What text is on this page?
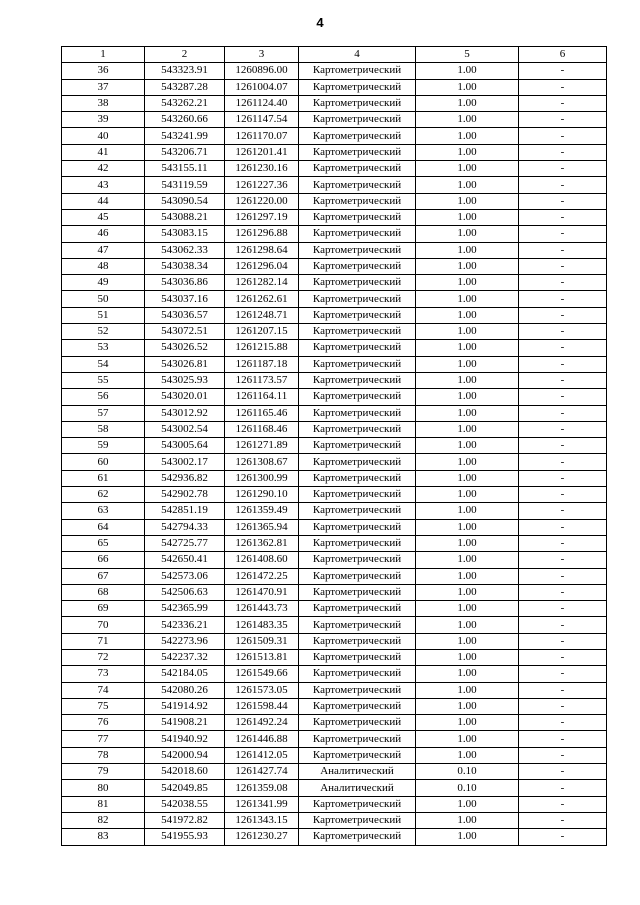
4
1	2	3	4	5	6
36	543323.91	1260896.00	Картометрический	1.00	-
37	543287.28	1261004.07	Картометрический	1.00	-
38	543262.21	1261124.40	Картометрический	1.00	-
39	543260.66	1261147.54	Картометрический	1.00	-
40	543241.99	1261170.07	Картометрический	1.00	-
41	543206.71	1261201.41	Картометрический	1.00	-
42	543155.11	1261230.16	Картометрический	1.00	-
43	543119.59	1261227.36	Картометрический	1.00	-
44	543090.54	1261220.00	Картометрический	1.00	-
45	543088.21	1261297.19	Картометрический	1.00	-
46	543083.15	1261296.88	Картометрический	1.00	-
47	543062.33	1261298.64	Картометрический	1.00	-
48	543038.34	1261296.04	Картометрический	1.00	-
49	543036.86	1261282.14	Картометрический	1.00	-
50	543037.16	1261262.61	Картометрический	1.00	-
51	543036.57	1261248.71	Картометрический	1.00	-
52	543072.51	1261207.15	Картометрический	1.00	-
53	543026.52	1261215.88	Картометрический	1.00	-
54	543026.81	1261187.18	Картометрический	1.00	-
55	543025.93	1261173.57	Картометрический	1.00	-
56	543020.01	1261164.11	Картометрический	1.00	-
57	543012.92	1261165.46	Картометрический	1.00	-
58	543002.54	1261168.46	Картометрический	1.00	-
59	543005.64	1261271.89	Картометрический	1.00	-
60	543002.17	1261308.67	Картометрический	1.00	-
61	542936.82	1261300.99	Картометрический	1.00	-
62	542902.78	1261290.10	Картометрический	1.00	-
63	542851.19	1261359.49	Картометрический	1.00	-
64	542794.33	1261365.94	Картометрический	1.00	-
65	542725.77	1261362.81	Картометрический	1.00	-
66	542650.41	1261408.60	Картометрический	1.00	-
67	542573.06	1261472.25	Картометрический	1.00	-
68	542506.63	1261470.91	Картометрический	1.00	-
69	542365.99	1261443.73	Картометрический	1.00	-
70	542336.21	1261483.35	Картометрический	1.00	-
71	542273.96	1261509.31	Картометрический	1.00	-
72	542237.32	1261513.81	Картометрический	1.00	-
73	542184.05	1261549.66	Картометрический	1.00	-
74	542080.26	1261573.05	Картометрический	1.00	-
75	541914.92	1261598.44	Картометрический	1.00	-
76	541908.21	1261492.24	Картометрический	1.00	-
77	541940.92	1261446.88	Картометрический	1.00	-
78	542000.94	1261412.05	Картометрический	1.00	-
79	542018.60	1261427.74	Аналитический	0.10	-
80	542049.85	1261359.08	Аналитический	0.10	-
81	542038.55	1261341.99	Картометрический	1.00	-
82	541972.82	1261343.15	Картометрический	1.00	-
83	541955.93	1261230.27	Картометрический	1.00	-
